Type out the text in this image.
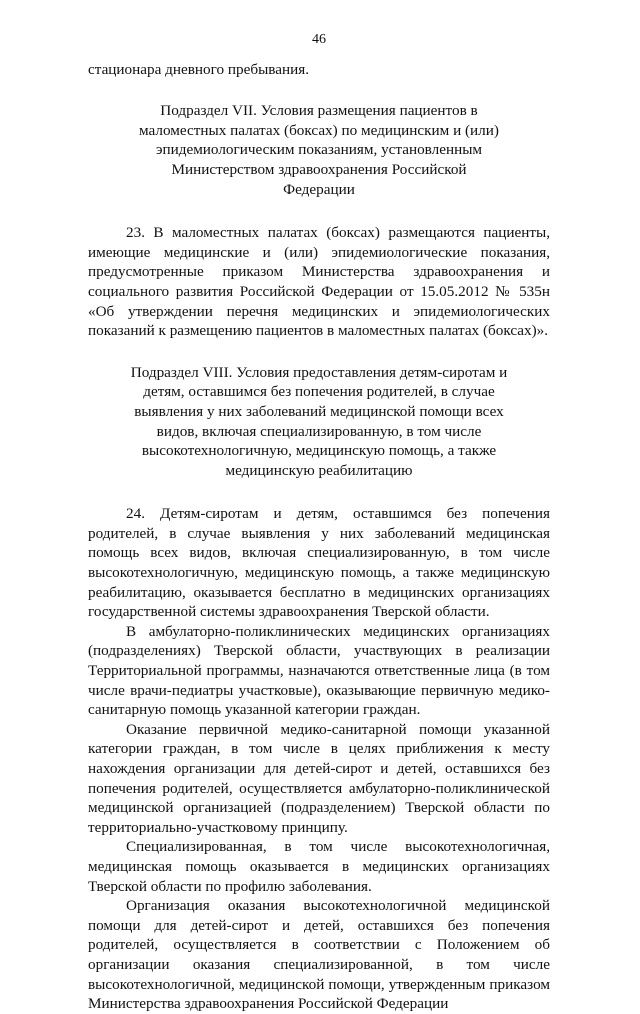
46

стационара дневного пребывания.

Подраздел VII. Условия размещения пациентов в маломестных палатах (боксах) по медицинским и (или) эпидемиологическим показаниям, установленным Министерством здравоохранения Российской Федерации

23. В маломестных палатах (боксах) размещаются пациенты, имеющие медицинские и (или) эпидемиологические показания, предусмотренные приказом Министерства здравоохранения и социального развития Российской Федерации от 15.05.2012 № 535н «Об утверждении перечня медицинских и эпидемиологических показаний к размещению пациентов в маломестных палатах (боксах)».

Подраздел VIII. Условия предоставления детям-сиротам и детям, оставшимся без попечения родителей, в случае выявления у них заболеваний медицинской помощи всех видов, включая специализированную, в том числе высокотехнологичную, медицинскую помощь, а также медицинскую реабилитацию

24. Детям-сиротам и детям, оставшимся без попечения родителей, в случае выявления у них заболеваний медицинская помощь всех видов, включая специализированную, в том числе высокотехнологичную, медицинскую помощь, а также медицинскую реабилитацию, оказывается бесплатно в медицинских организациях государственной системы здравоохранения Тверской области.

В амбулаторно-поликлинических медицинских организациях (подразделениях) Тверской области, участвующих в реализации Территориальной программы, назначаются ответственные лица (в том числе врачи-педиатры участковые), оказывающие первичную медико-санитарную помощь указанной категории граждан.

Оказание первичной медико-санитарной помощи указанной категории граждан, в том числе в целях приближения к месту нахождения организации для детей-сирот и детей, оставшихся без попечения родителей, осуществляется амбулаторно-поликлинической медицинской организацией (подразделением) Тверской области по территориально-участковому принципу.

Специализированная, в том числе высокотехнологичная, медицинская помощь оказывается в медицинских организациях Тверской области по профилю заболевания.

Организация оказания высокотехнологичной медицинской помощи для детей-сирот и детей, оставшихся без попечения родителей, осуществляется в соответствии с Положением об организации оказания специализированной, в том числе высокотехнологичной, медицинской помощи, утвержденным приказом Министерства здравоохранения Российской Федерации
